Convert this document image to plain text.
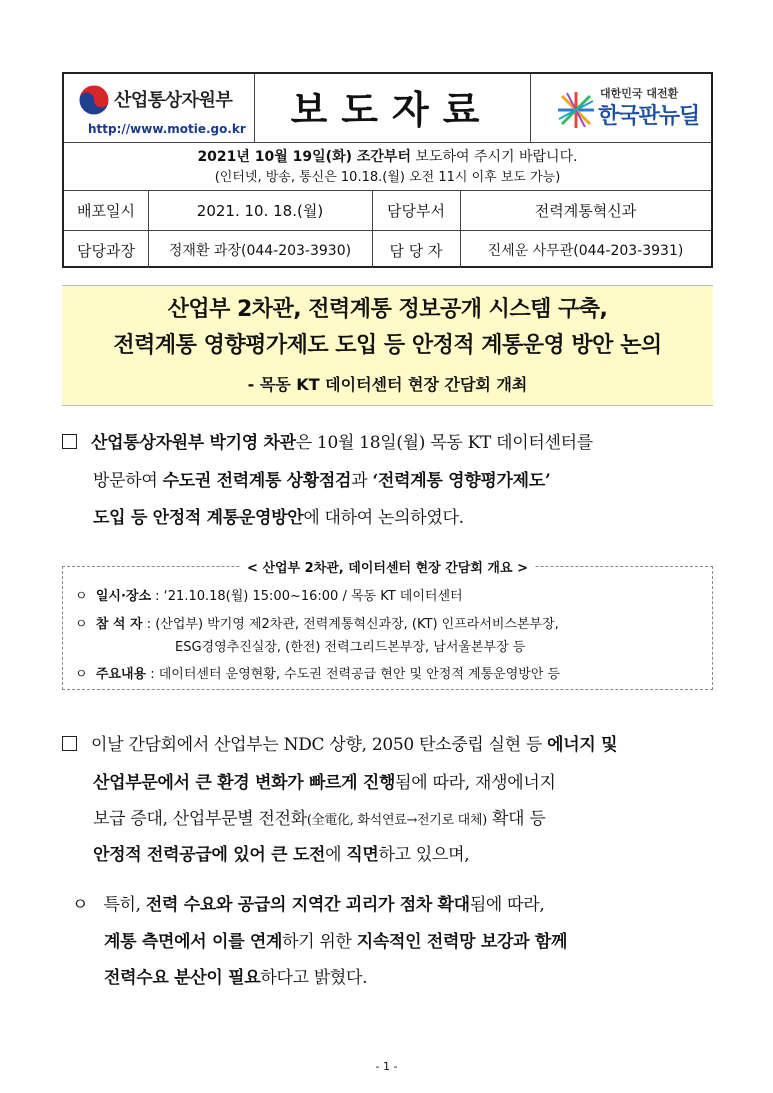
산업통상자원부
http://www.motie.go.kr	보도자료	대한민국 대전환
한국판뉴딜
2021년 10월 19일(화) 조간부터 보도하여 주시기 바랍니다.
(인터넷, 방송, 통신은 10.18.(월) 오전 11시 이후 보도 가능)
배포일시	2021. 10. 18.(월)	담당부서	전력계통혁신과
담당과장	정재환 과장(044-203-3930)	담 당 자	진세운 사무관(044-203-3931)
산업부 2차관, 전력계통 정보공개 시스템 구축,
전력계통 영향평가제도 도입 등 안정적 계통운영 방안 논의
- 목동 KT 데이터센터 현장 간담회 개최
산업통상자원부 박기영 차관은 10월 18일(월) 목동 KT 데이터센터를
방문하여 수도권 전력계통 상황점검과 ‘전력계통 영향평가제도’
도입 등 안정적 계통운영방안에 대하여 논의하였다.
< 산업부 2차관, 데이터센터 현장 간담회 개요 >
ㅇ 일시·장소 : ‘21.10.18(월) 15:00~16:00 / 목동 KT 데이터센터
ㅇ 참 석 자 : (산업부) 박기영 제2차관, 전력계통혁신과장, (KT) 인프라서비스본부장,
ESG경영추진실장, (한전) 전력그리드본부장, 남서울본부장 등
ㅇ 주요내용 : 데이터센터 운영현황, 수도권 전력공급 현안 및 안정적 계통운영방안 등
이날 간담회에서 산업부는 NDC 상향, 2050 탄소중립 실현 등 에너지 및
산업부문에서 큰 환경 변화가 빠르게 진행됨에 따라, 재생에너지
보급 증대, 산업부문별 전전화(全電化, 화석연료→전기로 대체) 확대 등
안정적 전력공급에 있어 큰 도전에 직면하고 있으며,
ㅇ 특히, 전력 수요와 공급의 지역간 괴리가 점차 확대됨에 따라,
계통 측면에서 이를 연계하기 위한 지속적인 전력망 보강과 함께
전력수요 분산이 필요하다고 밝혔다.
- 1 -
